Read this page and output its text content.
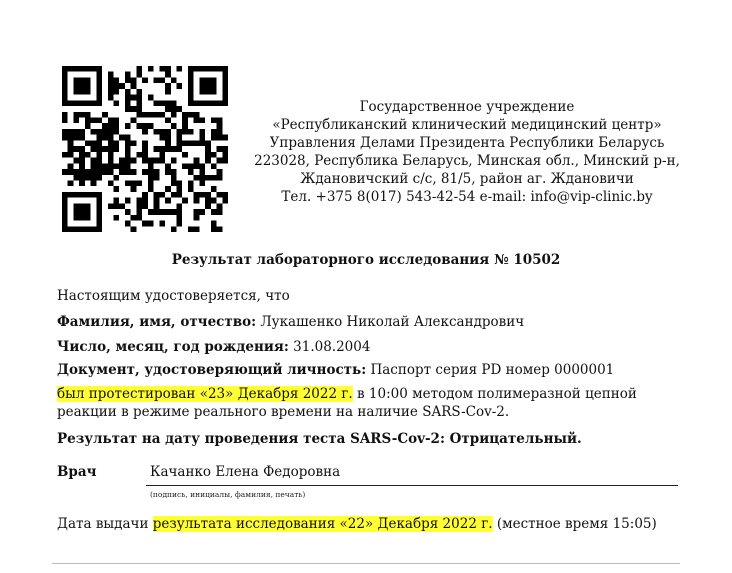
Государственное учреждение
«Республиканский клинический медицинский центр»
Управления Делами Президента Республики Беларусь
223028, Республика Беларусь, Минская обл., Минский р-н,
Ждановичский с/с, 81/5, район аг. Ждановичи
Тел. +375 8(017) 543-42-54 e-mail: info@vip-clinic.by
Результат лабораторного исследования № 10502
Настоящим удостоверяется, что
Фамилия, имя, отчество: Лукашенко Николай Александрович
Число, месяц, год рождения: 31.08.2004
Документ, удостоверяющий личность: Паспорт серия PD номер 0000001
был протестирован «23» Декабря 2022 г. в 10:00 методом полимеразной цепной
реакции в режиме реального времени на наличие SARS-Cov-2.
Результат на дату проведения теста SARS-Cov-2: Отрицательный.
Врач	Качанко Елена Федоровна
(подпись, инициалы, фамилия, печать)
Дата выдачи результата исследования «22» Декабря 2022 г. (местное время 15:05)
